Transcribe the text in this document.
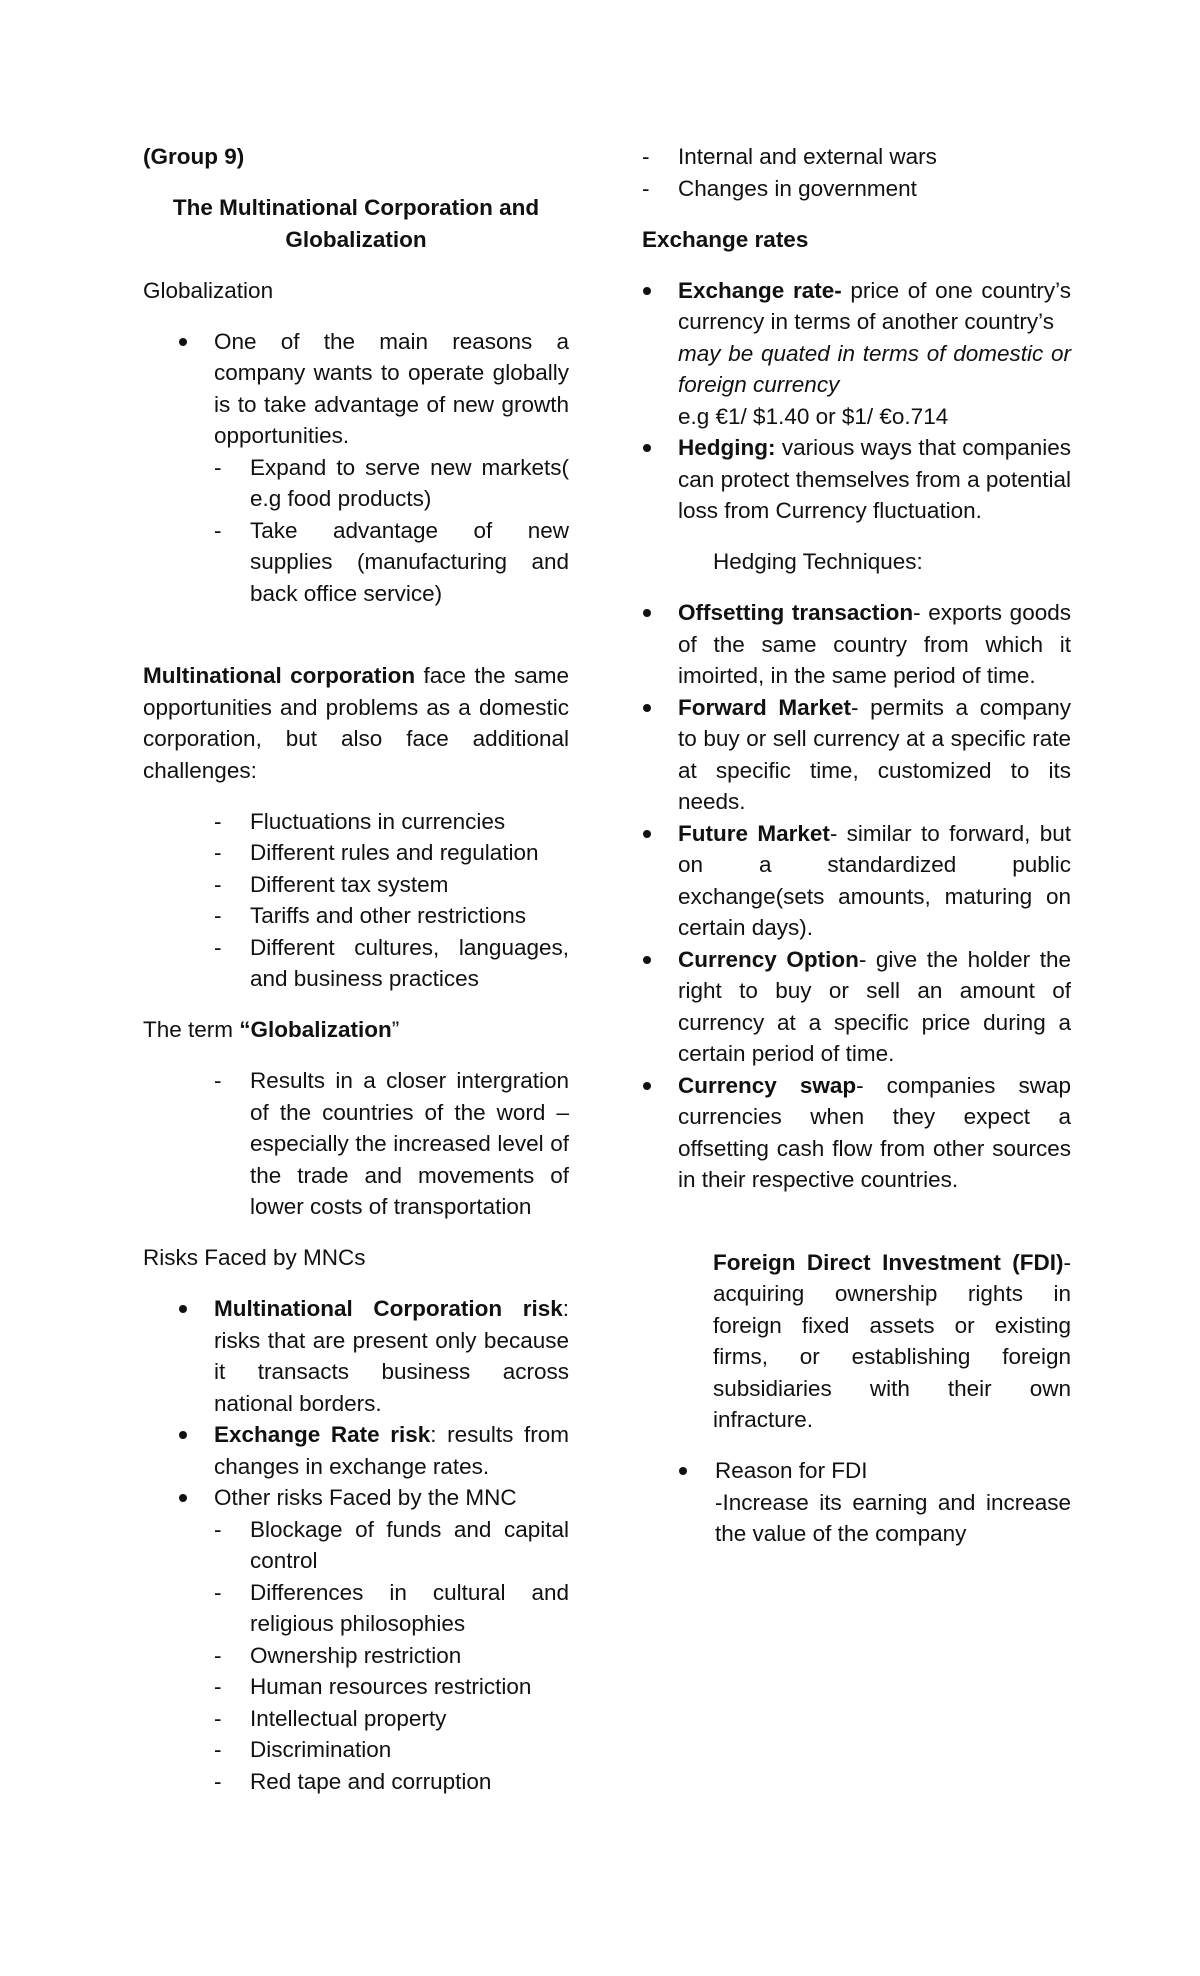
(Group 9)

The Multinational Corporation and
Globalization

Globalization

One of the main reasons a company wants to operate globally is to take advantage of new growth opportunities.
- Expand to serve new markets( e.g food products)
- Take advantage of new supplies (manufacturing and back office service)

Multinational corporation face the same opportunities and problems as a domestic corporation, but also face additional challenges:

- Fluctuations in currencies
- Different rules and regulation
- Different tax system
- Tariffs and other restrictions
- Different cultures, languages, and business practices

The term “Globalization”

- Results in a closer intergration of the countries of the word – especially the increased level of the trade and movements of lower costs of transportation

Risks Faced by MNCs

Multinational Corporation risk: risks that are present only because it transacts business across national borders.
Exchange Rate risk: results from changes in exchange rates.
Other risks Faced by the MNC
- Blockage of funds and capital control
- Differences in cultural and religious philosophies
- Ownership restriction
- Human resources restriction
- Intellectual property
- Discrimination
- Red tape and corruption
- Internal and external wars
- Changes in government

Exchange rates

Exchange rate- price of one country’s currency in terms of another country’s
may be quated in terms of domestic or foreign currency
e.g €1/ $1.40 or $1/ €o.714
Hedging: various ways that companies can protect themselves from a potential loss from Currency fluctuation.

Hedging Techniques:

Offsetting transaction- exports goods of the same country from which it imoirted, in the same period of time.
Forward Market- permits a company to buy or sell currency at a specific rate at specific time, customized to its needs.
Future Market- similar to forward, but on a standardized public exchange(sets amounts, maturing on certain days).
Currency Option- give the holder the right to buy or sell an amount of currency at a specific price during a certain period of time.
Currency swap- companies swap currencies when they expect a offsetting cash flow from other sources in their respective countries.

Foreign Direct Investment (FDI)- acquiring ownership rights in foreign fixed assets or existing firms, or establishing foreign subsidiaries with their own infracture.

Reason for FDI

-Increase its earning and increase the value of the company
